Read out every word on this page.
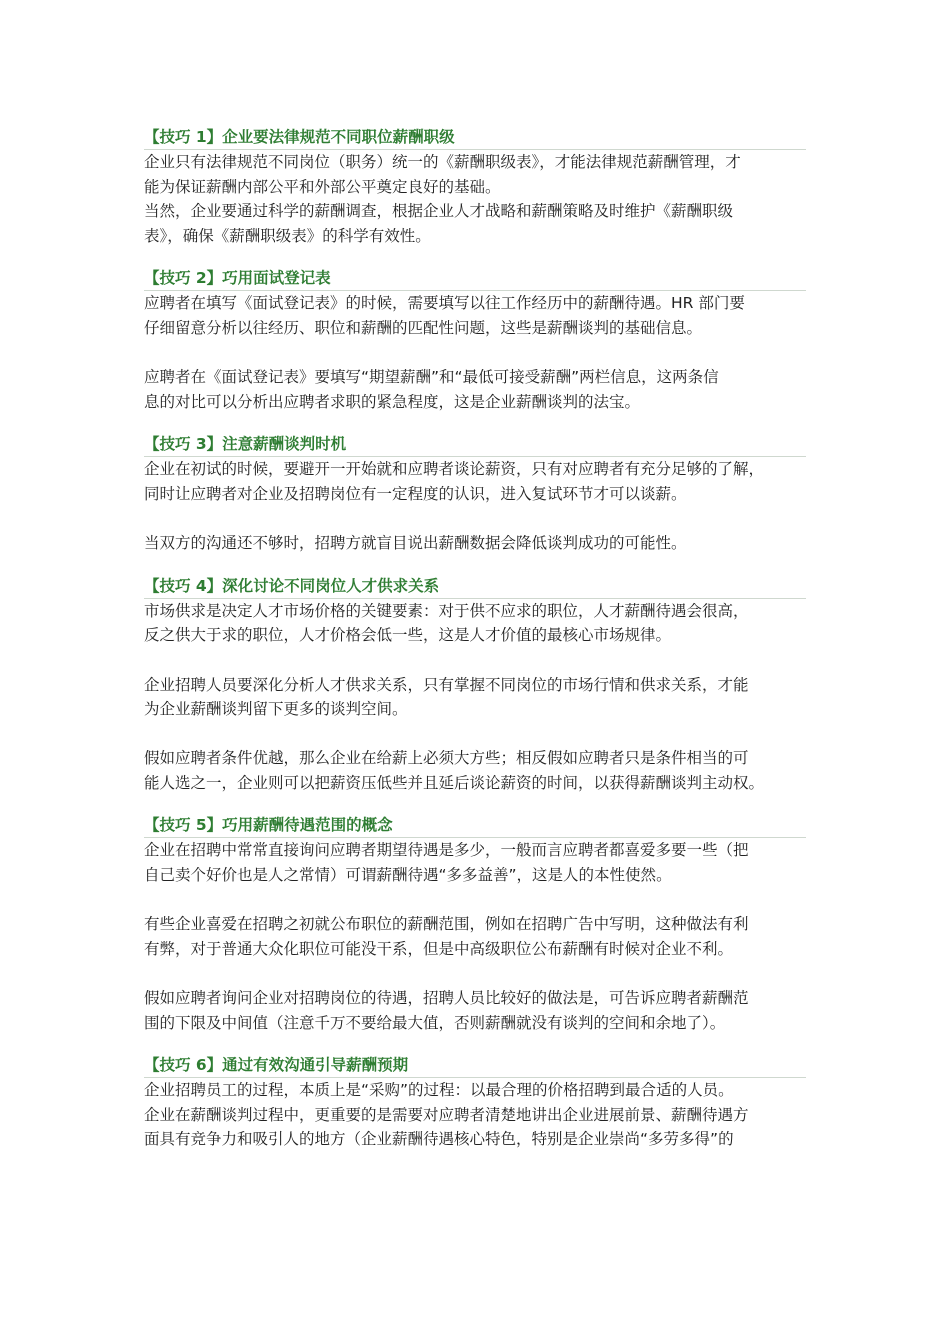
【技巧 1】企业要法律规范不同职位薪酬职级

企业只有法律规范不同岗位（职务）统一的《薪酬职级表》，才能法律规范薪酬管理，才
能为保证薪酬内部公平和外部公平奠定良好的基础。

当然，企业要通过科学的薪酬调查，根据企业人才战略和薪酬策略及时维护《薪酬职级
表》，确保《薪酬职级表》的科学有效性。

【技巧 2】巧用面试登记表

应聘者在填写《面试登记表》的时候，需要填写以往工作经历中的薪酬待遇。HR 部门要
仔细留意分析以往经历、职位和薪酬的匹配性问题，这些是薪酬谈判的基础信息。

应聘者在《面试登记表》要填写“期望薪酬”和“最低可接受薪酬”两栏信息，这两条信
息的对比可以分析出应聘者求职的紧急程度，这是企业薪酬谈判的法宝。

【技巧 3】注意薪酬谈判时机

企业在初试的时候，要避开一开始就和应聘者谈论薪资，只有对应聘者有充分足够的了解，
同时让应聘者对企业及招聘岗位有一定程度的认识，进入复试环节才可以谈薪。

当双方的沟通还不够时，招聘方就盲目说出薪酬数据会降低谈判成功的可能性。

【技巧 4】深化讨论不同岗位人才供求关系

市场供求是决定人才市场价格的关键要素：对于供不应求的职位，人才薪酬待遇会很高，
反之供大于求的职位，人才价格会低一些，这是人才价值的最核心市场规律。

企业招聘人员要深化分析人才供求关系，只有掌握不同岗位的市场行情和供求关系，才能
为企业薪酬谈判留下更多的谈判空间。

假如应聘者条件优越，那么企业在给薪上必须大方些；相反假如应聘者只是条件相当的可
能人选之一，企业则可以把薪资压低些并且延后谈论薪资的时间，以获得薪酬谈判主动权。

【技巧 5】巧用薪酬待遇范围的概念

企业在招聘中常常直接询问应聘者期望待遇是多少，一般而言应聘者都喜爱多要一些（把
自己卖个好价也是人之常情）可谓薪酬待遇“多多益善”，这是人的本性使然。

有些企业喜爱在招聘之初就公布职位的薪酬范围，例如在招聘广告中写明，这种做法有利
有弊，对于普通大众化职位可能没干系，但是中高级职位公布薪酬有时候对企业不利。

假如应聘者询问企业对招聘岗位的待遇，招聘人员比较好的做法是，可告诉应聘者薪酬范
围的下限及中间值（注意千万不要给最大值，否则薪酬就没有谈判的空间和余地了）。

【技巧 6】通过有效沟通引导薪酬预期

企业招聘员工的过程，本质上是“采购”的过程：以最合理的价格招聘到最合适的人员。
企业在薪酬谈判过程中，更重要的是需要对应聘者清楚地讲出企业进展前景、薪酬待遇方
面具有竞争力和吸引人的地方（企业薪酬待遇核心特色，特别是企业崇尚“多劳多得”的
